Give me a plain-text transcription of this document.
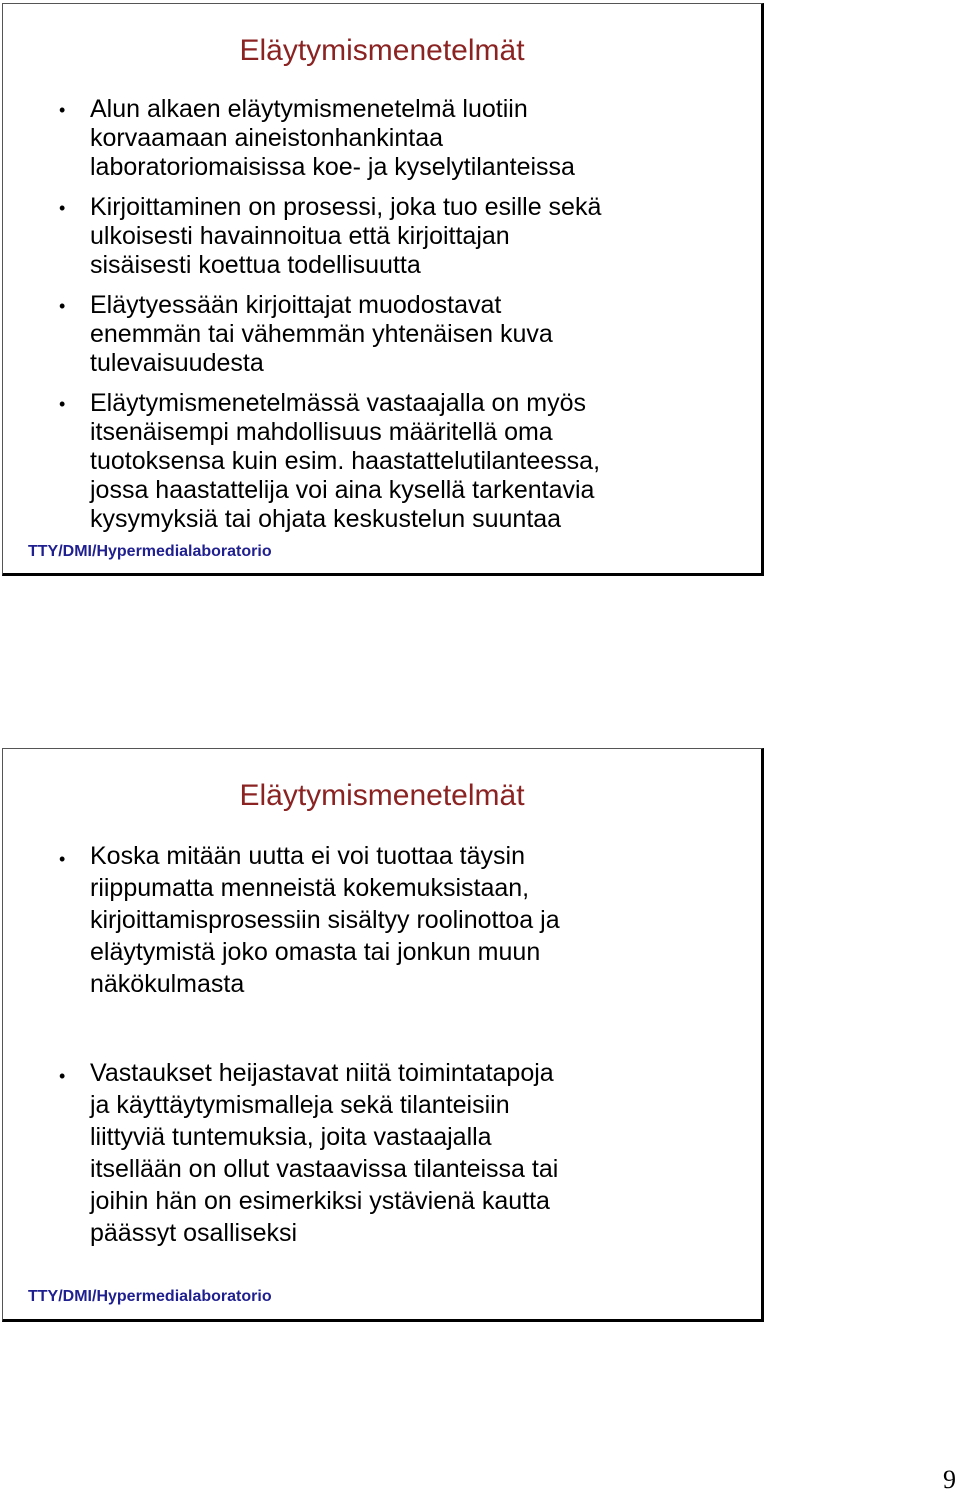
Eläytymismenetelmät
• Alun alkaen eläytymismenetelmä luotiin
korvaamaan aineistonhankintaa
laboratoriomaisissa koe- ja kyselytilanteissa
• Kirjoittaminen on prosessi, joka tuo esille sekä
ulkoisesti havainnoitua että kirjoittajan
sisäisesti koettua todellisuutta
• Eläytyessään kirjoittajat muodostavat
enemmän tai vähemmän yhtenäisen kuva
tulevaisuudesta
• Eläytymismenetelmässä vastaajalla on myös
itsenäisempi mahdollisuus määritellä oma
tuotoksensa kuin esim. haastattelutilanteessa,
jossa haastattelija voi aina kysellä tarkentavia
kysymyksiä tai ohjata keskustelun suuntaa
TTY/DMI/Hypermedialaboratorio
Eläytymismenetelmät
• Koska mitään uutta ei voi tuottaa täysin
riippumatta menneistä kokemuksistaan,
kirjoittamisprosessiin sisältyy roolinottoa ja
eläytymistä joko omasta tai jonkun muun
näkökulmasta
• Vastaukset heijastavat niitä toimintatapoja
ja käyttäytymismalleja sekä tilanteisiin
liittyviä tuntemuksia, joita vastaajalla
itsellään on ollut vastaavissa tilanteissa tai
joihin hän on esimerkiksi ystävienä kautta
päässyt osalliseksi
TTY/DMI/Hypermedialaboratorio
9
